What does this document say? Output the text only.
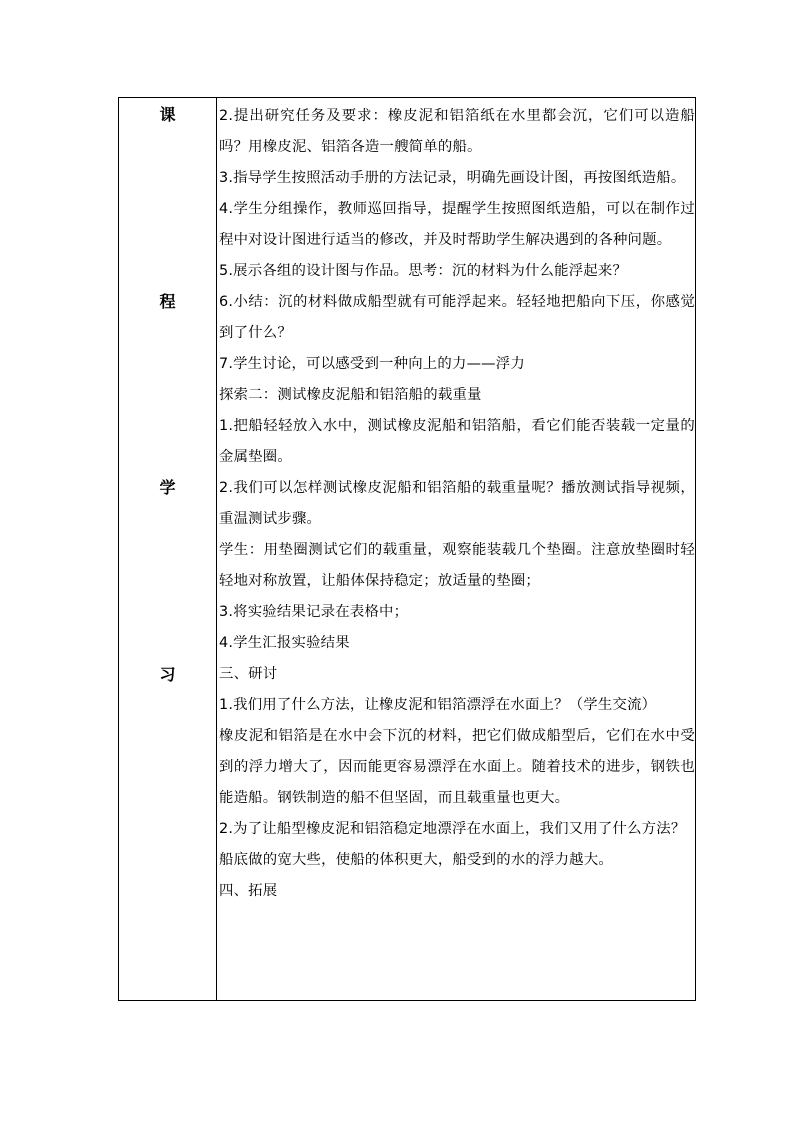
课
程
学
习

2.提出研究任务及要求：橡皮泥和铝箔纸在水里都会沉，它们可以造船吗？用橡皮泥、铝箔各造一艘简单的船。

3.指导学生按照活动手册的方法记录，明确先画设计图，再按图纸造船。

4.学生分组操作，教师巡回指导，提醒学生按照图纸造船，可以在制作过程中对设计图进行适当的修改，并及时帮助学生解决遇到的各种问题。

5.展示各组的设计图与作品。思考：沉的材料为什么能浮起来？

6.小结：沉的材料做成船型就有可能浮起来。轻轻地把船向下压，你感觉到了什么？

7.学生讨论，可以感受到一种向上的力——浮力

探索二：测试橡皮泥船和铝箔船的载重量

1.把船轻轻放入水中，测试橡皮泥船和铝箔船，看它们能否装载一定量的金属垫圈。

2.我们可以怎样测试橡皮泥船和铝箔船的载重量呢？播放测试指导视频，重温测试步骤。

学生：用垫圈测试它们的载重量，观察能装载几个垫圈。注意放垫圈时轻轻地对称放置，让船体保持稳定；放适量的垫圈；

3.将实验结果记录在表格中；

4.学生汇报实验结果

三、研讨

1.我们用了什么方法，让橡皮泥和铝箔漂浮在水面上？（学生交流）

橡皮泥和铝箔是在水中会下沉的材料，把它们做成船型后，它们在水中受到的浮力增大了，因而能更容易漂浮在水面上。随着技术的进步，钢铁也能造船。钢铁制造的船不但坚固，而且载重量也更大。

2.为了让船型橡皮泥和铝箔稳定地漂浮在水面上，我们又用了什么方法？

船底做的宽大些，使船的体积更大，船受到的水的浮力越大。

四、拓展
